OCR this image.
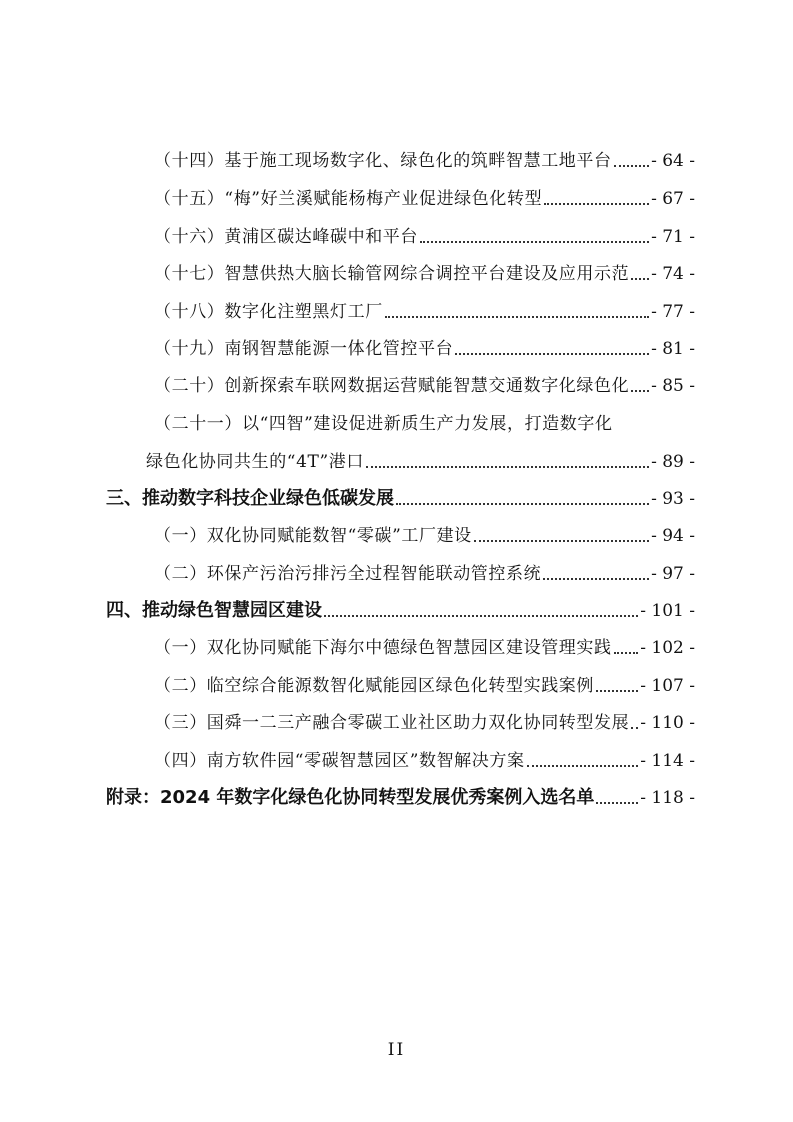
（十四）基于施工现场数字化、绿色化的筑畔智慧工地平台 - 64 -
（十五）“梅”好兰溪赋能杨梅产业促进绿色化转型	- 67 -
（十六）黄浦区碳达峰碳中和平台	- 71 -
（十七）智慧供热大脑长输管网综合调控平台建设及应用示范 - 74 -
（十八）数字化注塑黑灯工厂	- 77 -
（十九）南钢智慧能源一体化管控平台	- 81 -
（二十）创新探索车联网数据运营赋能智慧交通数字化绿色化 - 85 -
（二十一）以“四智”建设促进新质生产力发展，打造数字化
绿色化协同共生的“4T”港口	- 89 -
三、推动数字科技企业绿色低碳发展	- 93 -
（一）双化协同赋能数智“零碳”工厂建设	- 94 -
（二）环保产污治污排污全过程智能联动管控系统	- 97 -
四、推动绿色智慧园区建设	- 101 -
（一）双化协同赋能下海尔中德绿色智慧园区建设管理实践 - 102 -
（二）临空综合能源数智化赋能园区绿色化转型实践案例	- 107 -
（三）国舜一二三产融合零碳工业社区助力双化协同转型发展 - 110 -
（四）南方软件园“零碳智慧园区”数智解决方案	- 114 -
附录：2024 年数字化绿色化协同转型发展优秀案例入选名单	- 118 -
II
